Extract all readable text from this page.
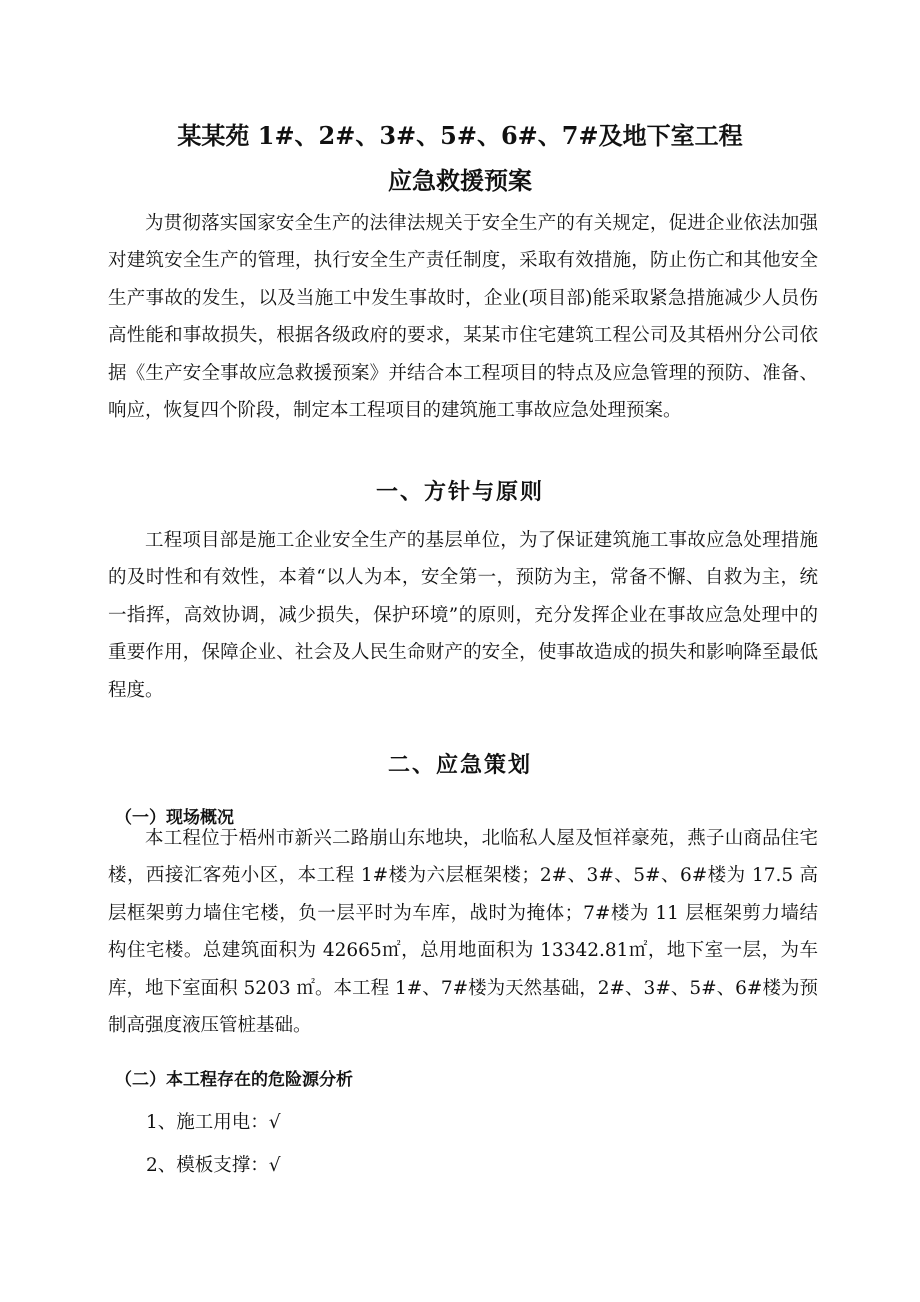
某某苑 1#、2#、3#、5#、6#、7#及地下室工程
应急救援预案

为贯彻落实国家安全生产的法律法规关于安全生产的有关规定，促进企业依法加强对建筑安全生产的管理，执行安全生产责任制度，采取有效措施，防止伤亡和其他安全生产事故的发生，以及当施工中发生事故时，企业(项目部)能采取紧急措施减少人员伤高性能和事故损失，根据各级政府的要求，某某市住宅建筑工程公司及其梧州分公司依据《生产安全事故应急救援预案》并结合本工程项目的特点及应急管理的预防、准备、响应，恢复四个阶段，制定本工程项目的建筑施工事故应急处理预案。

一、方针与原则

工程项目部是施工企业安全生产的基层单位，为了保证建筑施工事故应急处理措施的及时性和有效性，本着“以人为本，安全第一，预防为主，常备不懈、自救为主，统一指挥，高效协调，减少损失，保护环境”的原则，充分发挥企业在事故应急处理中的重要作用，保障企业、社会及人民生命财产的安全，使事故造成的损失和影响降至最低程度。

二、应急策划
（一）现场概况

本工程位于梧州市新兴二路崩山东地块，北临私人屋及恒祥豪苑，燕子山商品住宅楼，西接汇客苑小区，本工程 1#楼为六层框架楼；2#、3#、5#、6#楼为 17.5 高层框架剪力墙住宅楼，负一层平时为车库，战时为掩体；7#楼为 11 层框架剪力墙结构住宅楼。总建筑面积为 42665㎡，总用地面积为 13342.81㎡，地下室一层，为车库，地下室面积 5203 ㎡。本工程 1#、7#楼为天然基础，2#、3#、5#、6#楼为预制高强度液压管桩基础。

（二）本工程存在的危险源分析

1、施工用电：√

2、模板支撑：√
